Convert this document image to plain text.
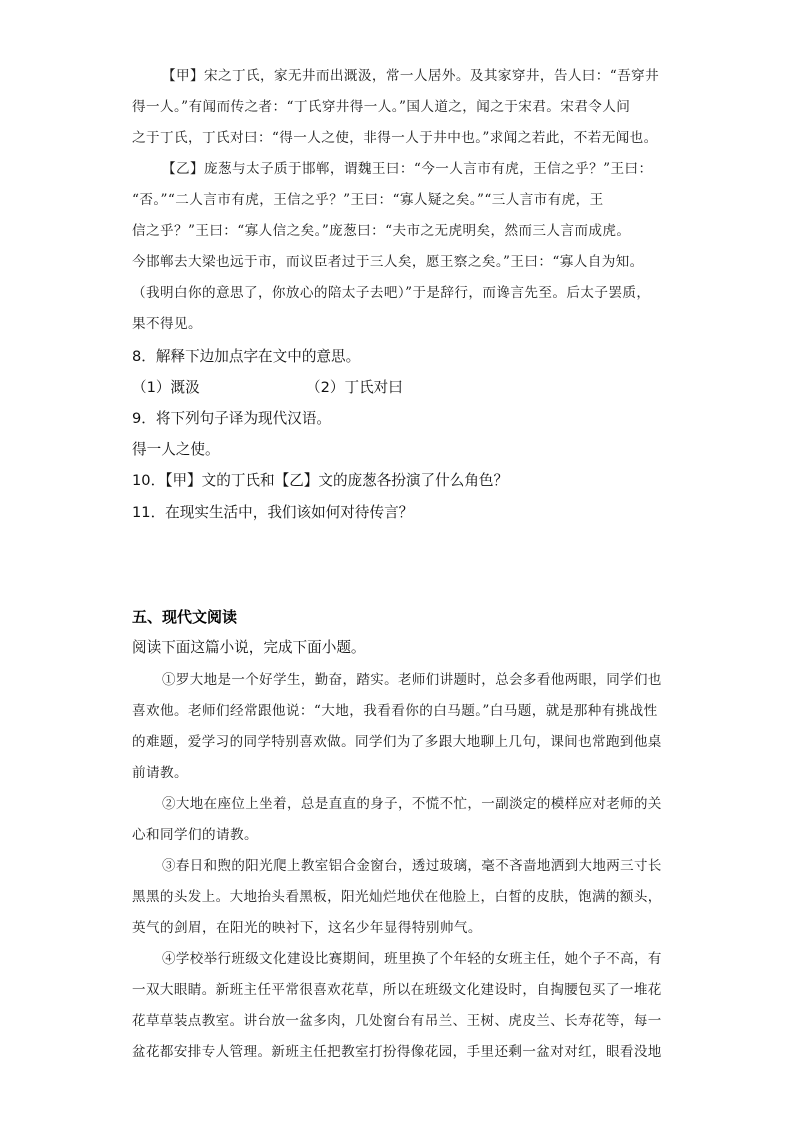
【甲】宋之丁氏，家无井而出溉汲，常一人居外。及其家穿井，告人曰：“吾穿井
得一人。”有闻而传之者：“丁氏穿井得一人。”国人道之，闻之于宋君。宋君令人问
之于丁氏，丁氏对曰：“得一人之使，非得一人于井中也。”求闻之若此，不若无闻也。
【乙】庞葱与太子质于邯郸，谓魏王曰：“今一人言市有虎，王信之乎？”王曰：
“否。”“二人言市有虎，王信之乎？”王曰：“寡人疑之矣。”“三人言市有虎，王
信之乎？”王曰：“寡人信之矣。”庞葱曰：“夫市之无虎明矣，然而三人言而成虎。
今邯郸去大梁也远于市，而议臣者过于三人矣，愿王察之矣。”王曰：“寡人自为知。
（我明白你的意思了，你放心的陪太子去吧）”于是辞行，而谗言先至。后太子罢质，
果不得见。
8．解释下边加点字在文中的意思。
（1）溉汲	（2）丁氏对曰
9．将下列句子译为现代汉语。
得一人之使。
10．【甲】文的丁氏和【乙】文的庞葱各扮演了什么角色？
11．在现实生活中，我们该如何对待传言？
五、现代文阅读
阅读下面这篇小说，完成下面小题。
①罗大地是一个好学生，勤奋，踏实。老师们讲题时，总会多看他两眼，同学们也
喜欢他。老师们经常跟他说：“大地，我看看你的白马题。”白马题，就是那种有挑战性
的难题，爱学习的同学特别喜欢做。同学们为了多跟大地聊上几句，课间也常跑到他桌
前请教。
②大地在座位上坐着，总是直直的身子，不慌不忙，一副淡定的模样应对老师的关
心和同学们的请教。
③春日和煦的阳光爬上教室铝合金窗台，透过玻璃，毫不吝啬地洒到大地两三寸长
黑黑的头发上。大地抬头看黑板，阳光灿烂地伏在他脸上，白皙的皮肤，饱满的额头，
英气的剑眉，在阳光的映衬下，这名少年显得特别帅气。
④学校举行班级文化建设比赛期间，班里换了个年轻的女班主任，她个子不高，有
一双大眼睛。新班主任平常很喜欢花草，所以在班级文化建设时，自掏腰包买了一堆花
花草草装点教室。讲台放一盆多肉，几处窗台有吊兰、王树、虎皮兰、长寿花等，每一
盆花都安排专人管理。新班主任把教室打扮得像花园，手里还剩一盆对对红，眼看没地
